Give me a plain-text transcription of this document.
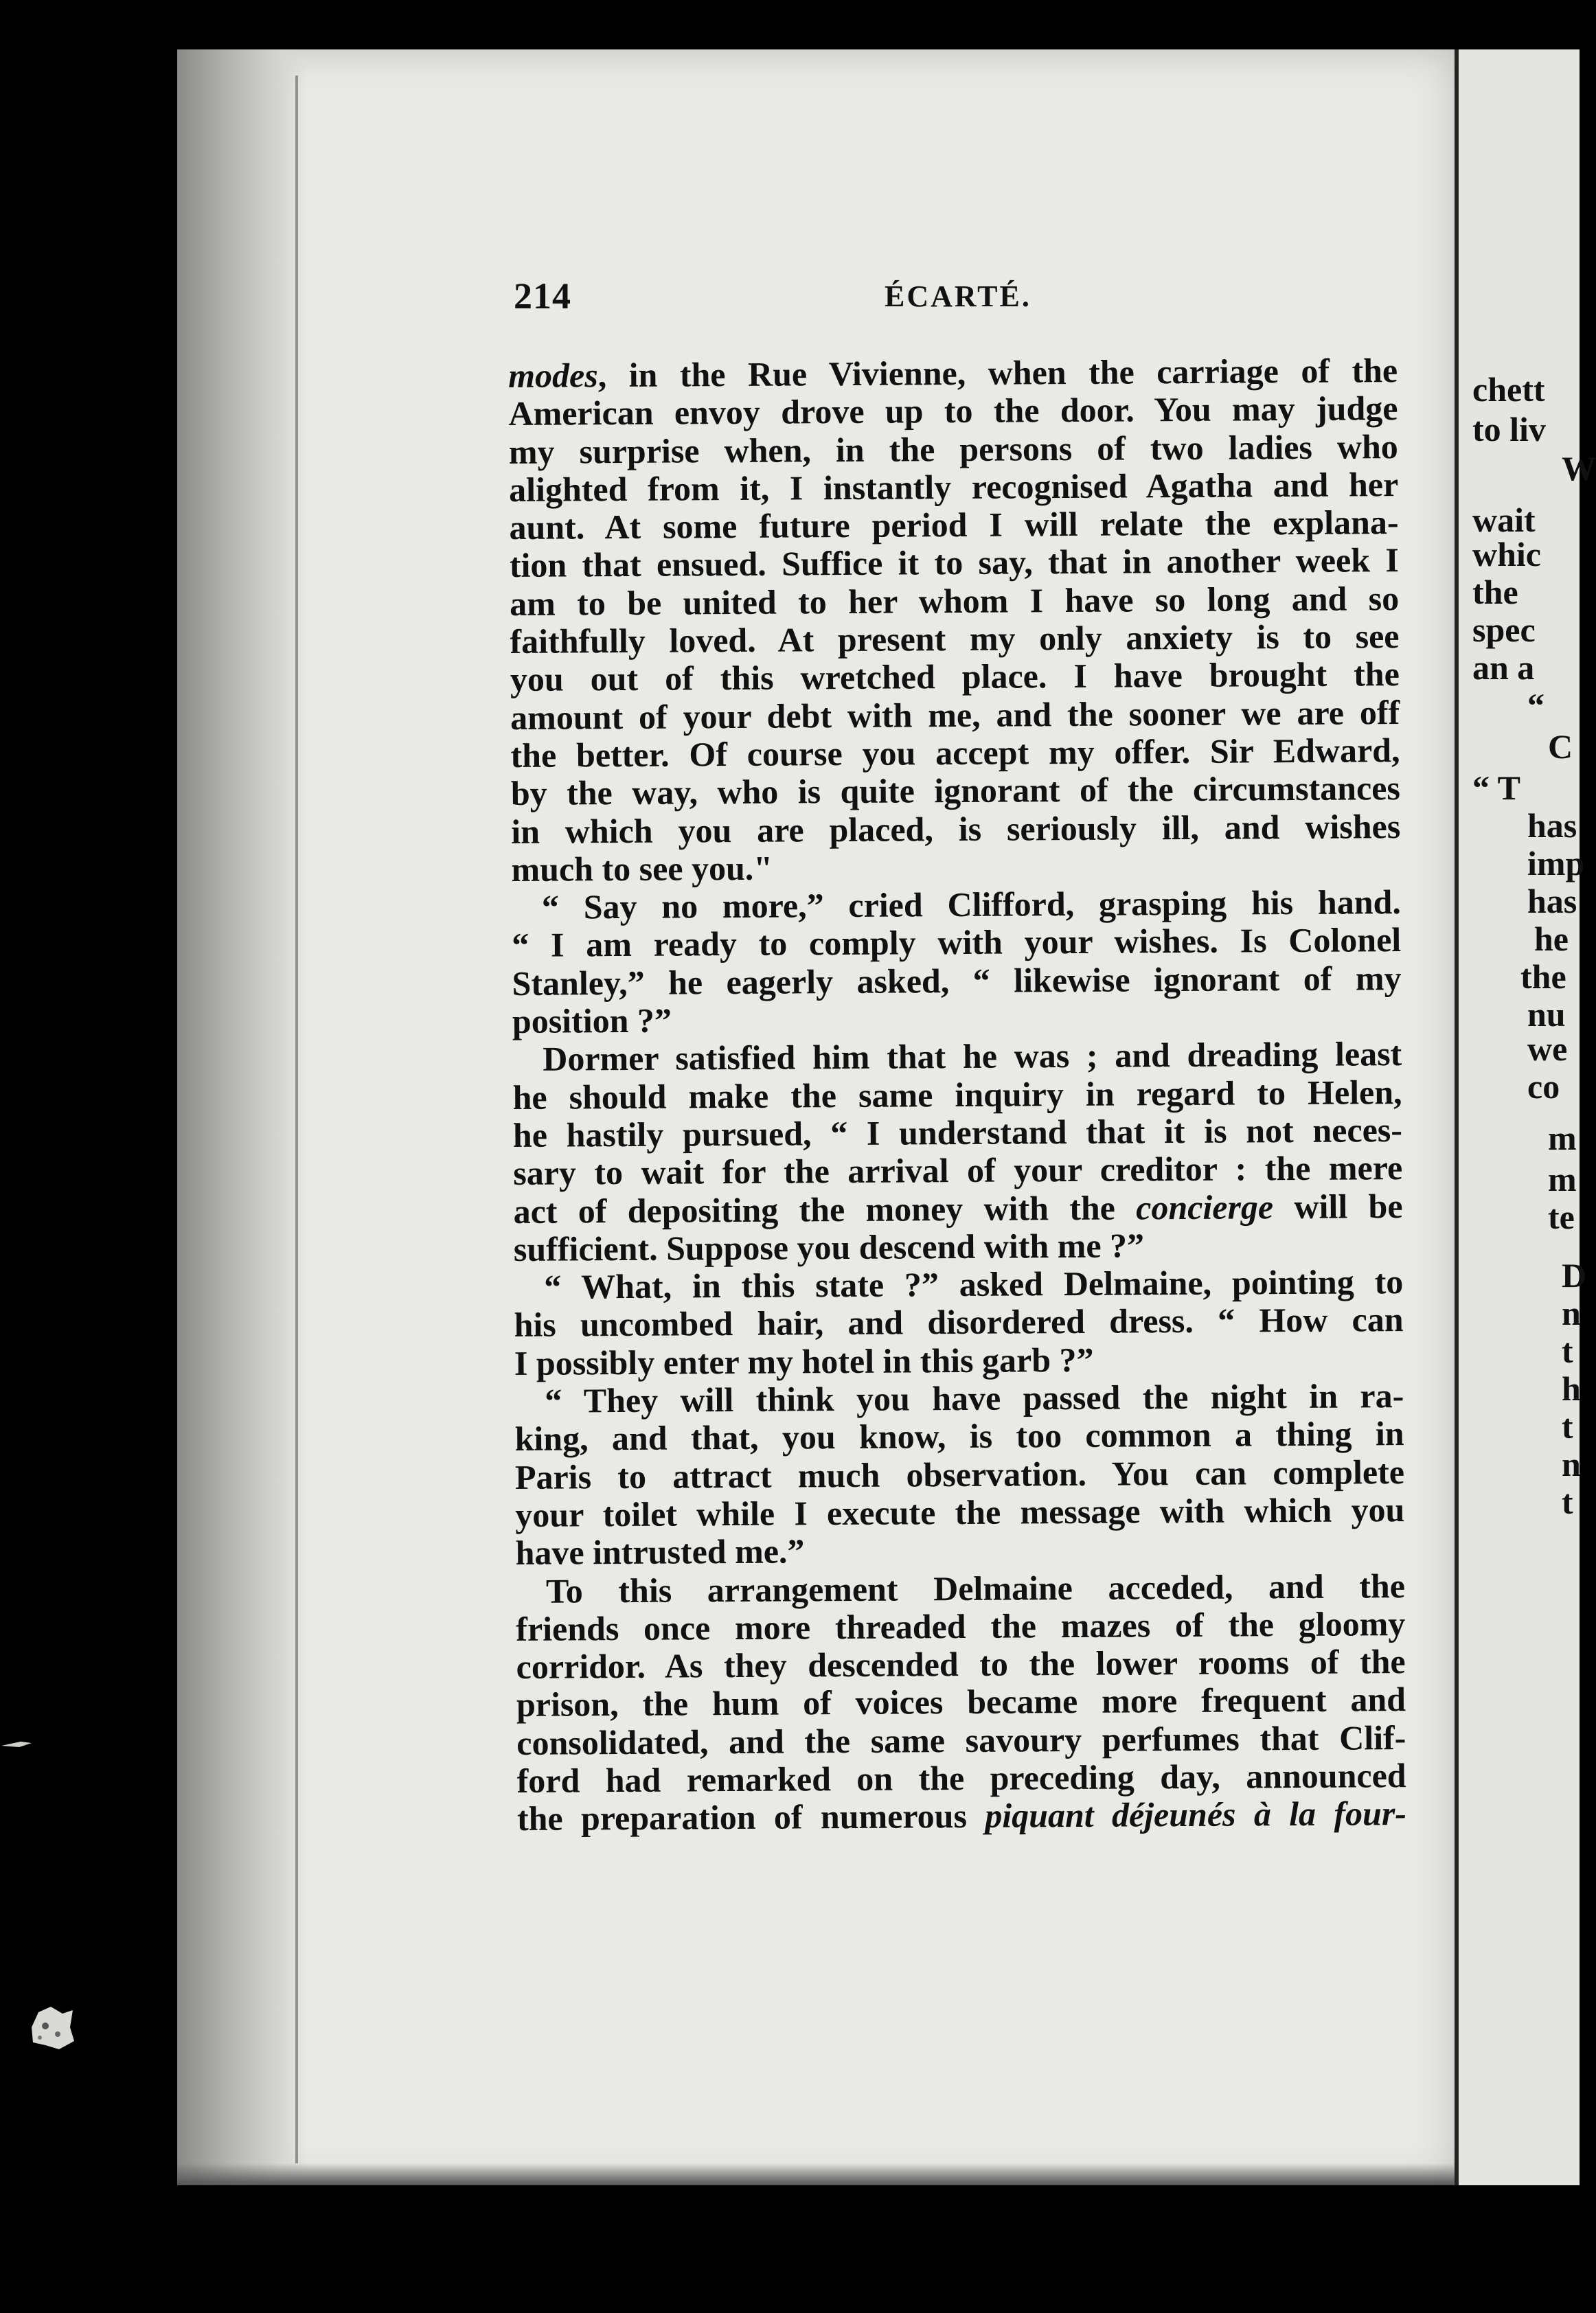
214	ÉCARTÉ.
modes, in the Rue Vivienne, when the carriage of the
American envoy drove up to the door. You may judge
my surprise when, in the persons of two ladies who
alighted from it, I instantly recognised Agatha and her
aunt. At some future period I will relate the explana-
tion that ensued. Suffice it to say, that in another week I
am to be united to her whom I have so long and so
faithfully loved. At present my only anxiety is to see
you out of this wretched place. I have brought the
amount of your debt with me, and the sooner we are off
the better. Of course you accept my offer. Sir Edward,
by the way, who is quite ignorant of the circumstances
in which you are placed, is seriously ill, and wishes
much to see you."
“ Say no more,” cried Clifford, grasping his hand.
“ I am ready to comply with your wishes. Is Colonel
Stanley,” he eagerly asked, “ likewise ignorant of my
position ?”
Dormer satisfied him that he was ; and dreading least
he should make the same inquiry in regard to Helen,
he hastily pursued, “ I understand that it is not neces-
sary to wait for the arrival of your creditor : the mere
act of depositing the money with the concierge will be
sufficient. Suppose you descend with me ?”
“ What, in this state ?” asked Delmaine, pointing to
his uncombed hair, and disordered dress. “ How can
I possibly enter my hotel in this garb ?”
“ They will think you have passed the night in ra-
king, and that, you know, is too common a thing in
Paris to attract much observation. You can complete
your toilet while I execute the message with which you
have intrusted me.”
To this arrangement Delmaine acceded, and the
friends once more threaded the mazes of the gloomy
corridor. As they descended to the lower rooms of the
prison, the hum of voices became more frequent and
consolidated, and the same savoury perfumes that Clif-
ford had remarked on the preceding day, announced
the preparation of numerous piquant déjeunés à la four-
chett
to liv
W
wait
whic
the
spec
an a
“
C
“ T
has
imp
has
he
the
nu
we
co
m
m
te
D
n
t
h
t
n
t
